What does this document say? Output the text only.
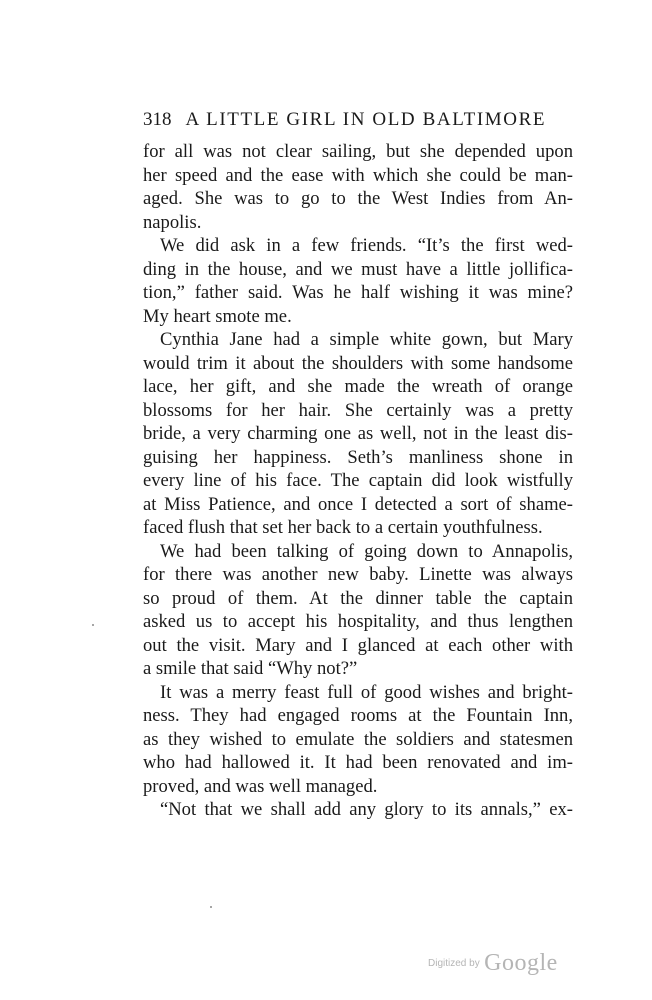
318 A LITTLE GIRL IN OLD BALTIMORE
for all was not clear sailing, but she depended upon
her speed and the ease with which she could be man-
aged. She was to go to the West Indies from An-
napolis.
We did ask in a few friends. “It’s the first wed-
ding in the house, and we must have a little jollifica-
tion,” father said. Was he half wishing it was mine?
My heart smote me.
Cynthia Jane had a simple white gown, but Mary
would trim it about the shoulders with some handsome
lace, her gift, and she made the wreath of orange
blossoms for her hair. She certainly was a pretty
bride, a very charming one as well, not in the least dis-
guising her happiness. Seth’s manliness shone in
every line of his face. The captain did look wistfully
at Miss Patience, and once I detected a sort of shame-
faced flush that set her back to a certain youthfulness.
We had been talking of going down to Annapolis,
for there was another new baby. Linette was always
so proud of them. At the dinner table the captain
asked us to accept his hospitality, and thus lengthen
out the visit. Mary and I glanced at each other with
a smile that said “Why not?”
It was a merry feast full of good wishes and bright-
ness. They had engaged rooms at the Fountain Inn,
as they wished to emulate the soldiers and statesmen
who had hallowed it. It had been renovated and im-
proved, and was well managed.
“Not that we shall add any glory to its annals,” ex-
Digitized by Google
